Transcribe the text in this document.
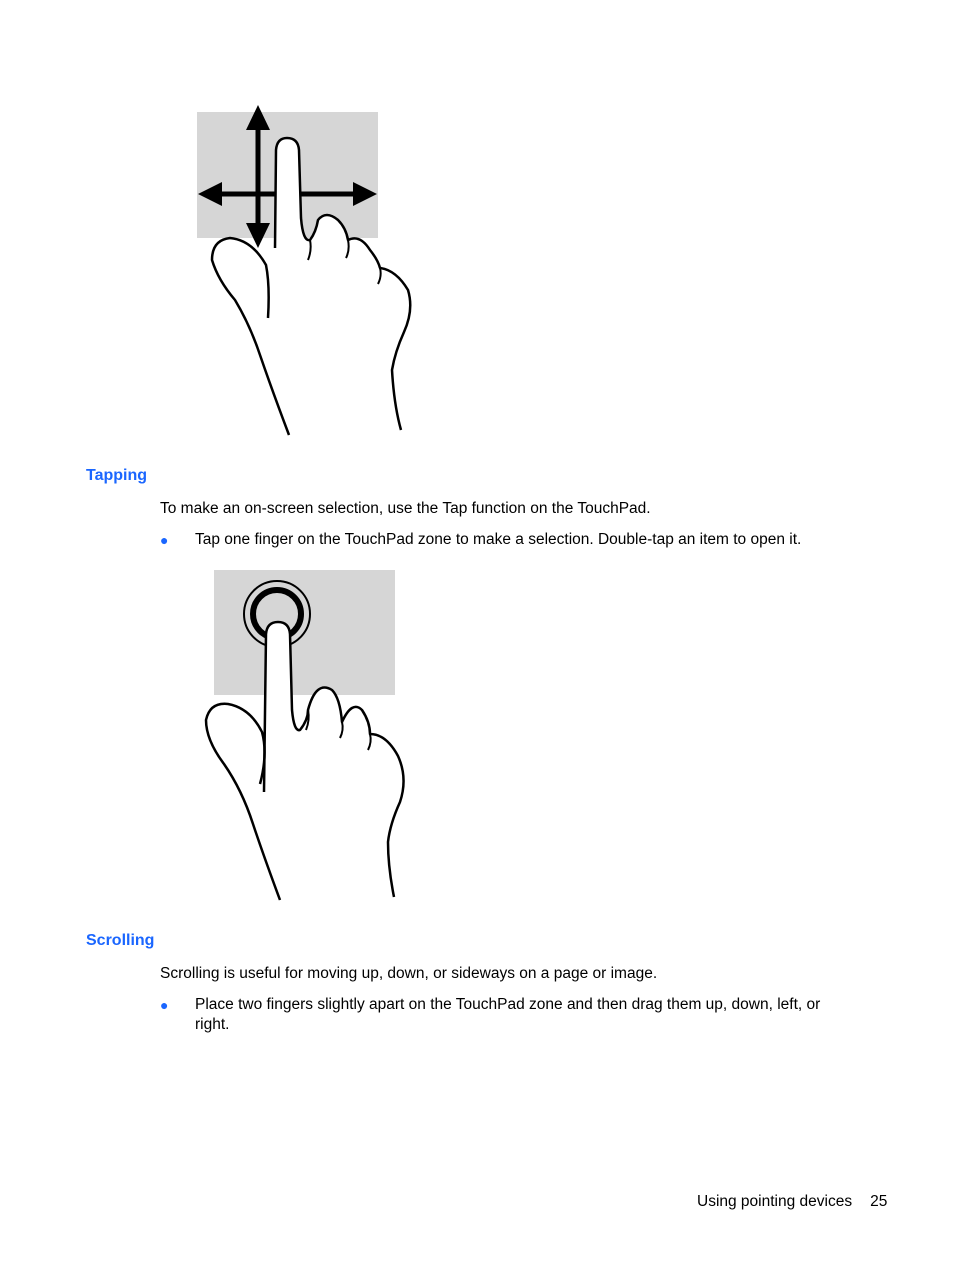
Tapping

To make an on-screen selection, use the Tap function on the TouchPad.

● Tap one finger on the TouchPad zone to make a selection. Double-tap an item to open it.
Scrolling

Scrolling is useful for moving up, down, or sideways on a page or image.

● Place two fingers slightly apart on the TouchPad zone and then drag them up, down, left, or right.
Using pointing devices 25
